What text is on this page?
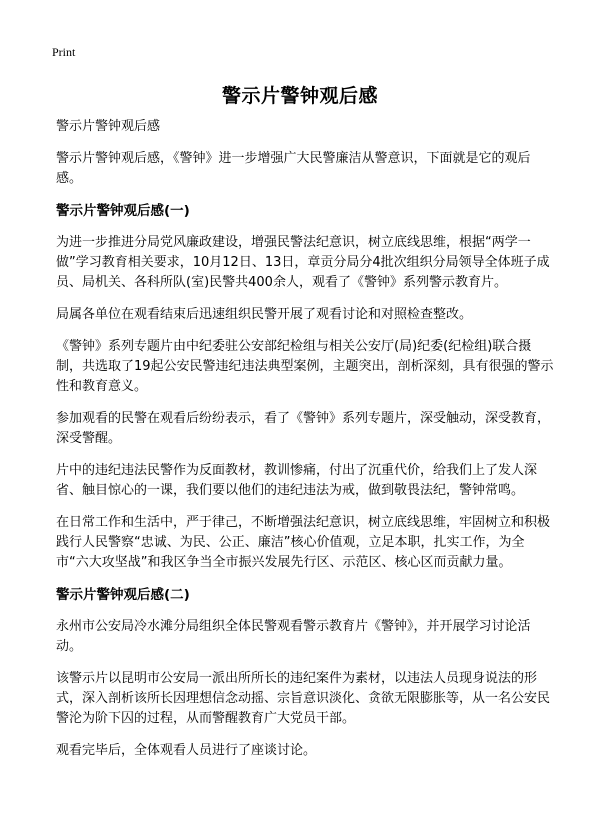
Print
警示片警钟观后感

警示片警钟观后感

警示片警钟观后感，《警钟》进一步增强广大民警廉洁从警意识，下面就是它的观后感。

警示片警钟观后感(一)

为进一步推进分局党风廉政建设，增强民警法纪意识，树立底线思维，根据“两学一做”学习教育相关要求，10月12日、13日，章贡分局分4批次组织分局领导全体班子成员、局机关、各科所队(室)民警共400余人，观看了《警钟》系列警示教育片。

局属各单位在观看结束后迅速组织民警开展了观看讨论和对照检查整改。

《警钟》系列专题片由中纪委驻公安部纪检组与相关公安厅(局)纪委(纪检组)联合摄制，共选取了19起公安民警违纪违法典型案例，主题突出，剖析深刻，具有很强的警示性和教育意义。

参加观看的民警在观看后纷纷表示，看了《警钟》系列专题片，深受触动，深受教育，深受警醒。

片中的违纪违法民警作为反面教材，教训惨痛，付出了沉重代价，给我们上了发人深省、触目惊心的一课，我们要以他们的违纪违法为戒，做到敬畏法纪，警钟常鸣。

在日常工作和生活中，严于律己，不断增强法纪意识，树立底线思维，牢固树立和积极践行人民警察“忠诚、为民、公正、廉洁”核心价值观，立足本职，扎实工作，为全市“六大攻坚战”和我区争当全市振兴发展先行区、示范区、核心区而贡献力量。

警示片警钟观后感(二)

永州市公安局冷水滩分局组织全体民警观看警示教育片《警钟》，并开展学习讨论活动。

该警示片以昆明市公安局一派出所所长的违纪案件为素材，以违法人员现身说法的形式，深入剖析该所长因理想信念动摇、宗旨意识淡化、贪欲无限膨胀等，从一名公安民警沦为阶下囚的过程，从而警醒教育广大党员干部。

观看完毕后，全体观看人员进行了座谈讨论。
